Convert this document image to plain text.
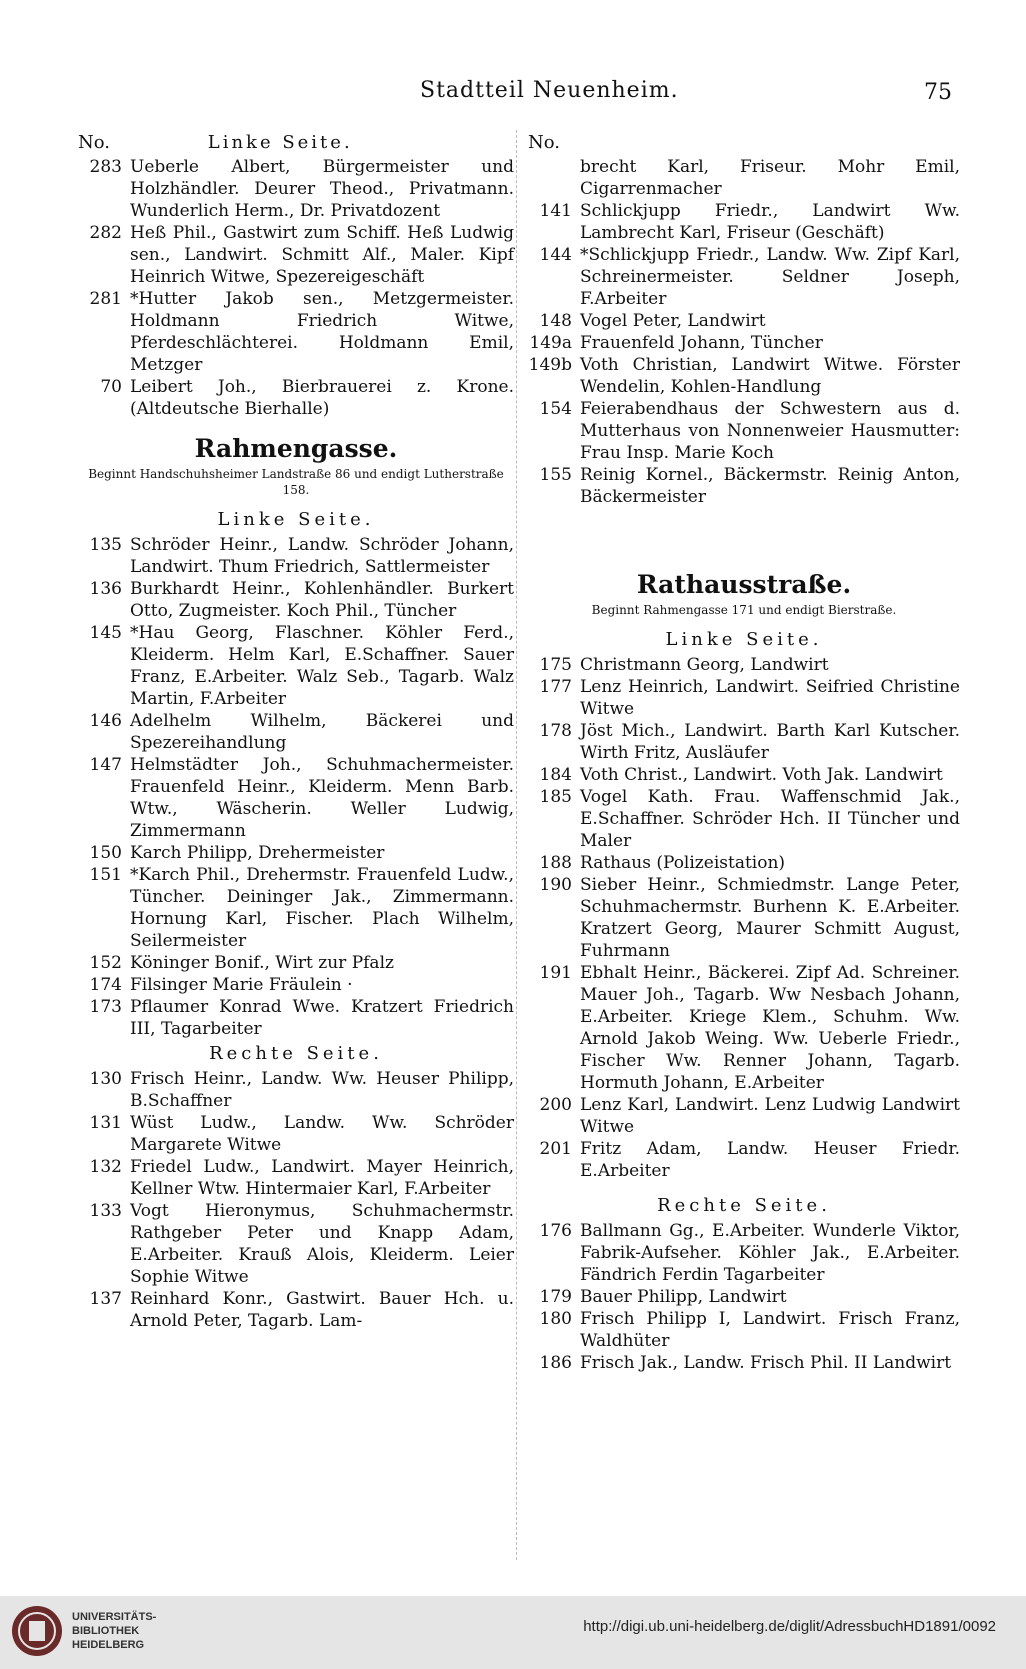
Stadtteil Neuenheim.	75
No.	Linke Seite.
283 Ueberle Albert, Bürgermeister und Holzhändler. Deurer Theod., Privatmann. Wunderlich Herm., Dr. Privatdozent
282 Heß Phil., Gastwirt zum Schiff. Heß Ludwig sen., Landwirt. Schmitt Alf., Maler. Kipf Heinrich Witwe, Spezereigeschäft
281 *Hutter Jakob sen., Metzgermeister. Holdmann Friedrich Witwe, Pferdeschlächterei. Holdmann Emil, Metzger
70 Leibert Joh., Bierbrauerei z. Krone. (Altdeutsche Bierhalle)
Rahmengasse.
Beginnt Handschuhsheimer Landstraße 86 und endigt Lutherstraße 158.
Linke Seite.
135 Schröder Heinr., Landw. Schröder Johann, Landwirt. Thum Friedrich, Sattlermeister
136 Burkhardt Heinr., Kohlenhändler. Burkert Otto, Zugmeister. Koch Phil., Tüncher
145 *Hau Georg, Flaschner. Köhler Ferd., Kleiderm. Helm Karl, E.Schaffner. Sauer Franz, E.Arbeiter. Walz Seb., Tagarb. Walz Martin, F.Arbeiter
146 Adelhelm Wilhelm, Bäckerei und Spezereihandlung
147 Helmstädter Joh., Schuhmachermeister. Frauenfeld Heinr., Kleiderm. Menn Barb. Wtw., Wäscherin. Weller Ludwig, Zimmermann
150 Karch Philipp, Drehermeister
151 *Karch Phil., Drehermstr. Frauenfeld Ludw., Tüncher. Deininger Jak., Zimmermann. Hornung Karl, Fischer. Plach Wilhelm, Seilermeister
152 Köninger Bonif., Wirt zur Pfalz
174 Filsinger Marie Fräulein ·
173 Pflaumer Konrad Wwe. Kratzert Friedrich III, Tagarbeiter
Rechte Seite.
130 Frisch Heinr., Landw. Ww. Heuser Philipp, B.Schaffner
131 Wüst Ludw., Landw. Ww. Schröder Margarete Witwe
132 Friedel Ludw., Landwirt. Mayer Heinrich, Kellner Wtw. Hintermaier Karl, F.Arbeiter
133 Vogt Hieronymus, Schuhmachermstr. Rathgeber Peter und Knapp Adam, E.Arbeiter. Krauß Alois, Kleiderm. Leier Sophie Witwe
137 Reinhard Konr., Gastwirt. Bauer Hch. u. Arnold Peter, Tagarb. Lam-
No.
brecht Karl, Friseur. Mohr Emil, Cigarrenmacher
141 Schlickjupp Friedr., Landwirt Ww. Lambrecht Karl, Friseur (Geschäft)
144 *Schlickjupp Friedr., Landw. Ww. Zipf Karl, Schreinermeister. Seldner Joseph, F.Arbeiter
148 Vogel Peter, Landwirt
149a Frauenfeld Johann, Tüncher
149b Voth Christian, Landwirt Witwe. Förster Wendelin, Kohlen-Handlung
154 Feierabendhaus der Schwestern aus d. Mutterhaus von Nonnenweier Hausmutter: Frau Insp. Marie Koch
155 Reinig Kornel., Bäckermstr. Reinig Anton, Bäckermeister
Rathausstraße.
Beginnt Rahmengasse 171 und endigt Bierstraße.
Linke Seite.
175 Christmann Georg, Landwirt
177 Lenz Heinrich, Landwirt. Seifried Christine Witwe
178 Jöst Mich., Landwirt. Barth Karl Kutscher. Wirth Fritz, Ausläufer
184 Voth Christ., Landwirt. Voth Jak. Landwirt
185 Vogel Kath. Frau. Waffenschmid Jak., E.Schaffner. Schröder Hch. II Tüncher und Maler
188 Rathaus (Polizeistation)
190 Sieber Heinr., Schmiedmstr. Lange Peter, Schuhmachermstr. Burhenn K. E.Arbeiter. Kratzert Georg, Maurer Schmitt August, Fuhrmann
191 Ebhalt Heinr., Bäckerei. Zipf Ad. Schreiner. Mauer Joh., Tagarb. Ww Nesbach Johann, E.Arbeiter. Kriege Klem., Schuhm. Ww. Arnold Jakob Weing. Ww. Ueberle Friedr., Fischer Ww. Renner Johann, Tagarb. Hormuth Johann, E.Arbeiter
200 Lenz Karl, Landwirt. Lenz Ludwig Landwirt Witwe
201 Fritz Adam, Landw. Heuser Friedr. E.Arbeiter
Rechte Seite.
176 Ballmann Gg., E.Arbeiter. Wunderle Viktor, Fabrik-Aufseher. Köhler Jak., E.Arbeiter. Fändrich Ferdin Tagarbeiter
179 Bauer Philipp, Landwirt
180 Frisch Philipp I, Landwirt. Frisch Franz, Waldhüter
186 Frisch Jak., Landw. Frisch Phil. II Landwirt
UNIVERSITÄTS-
BIBLIOTHEK
HEIDELBERG
http://digi.ub.uni-heidelberg.de/diglit/AdressbuchHD1891/0092
